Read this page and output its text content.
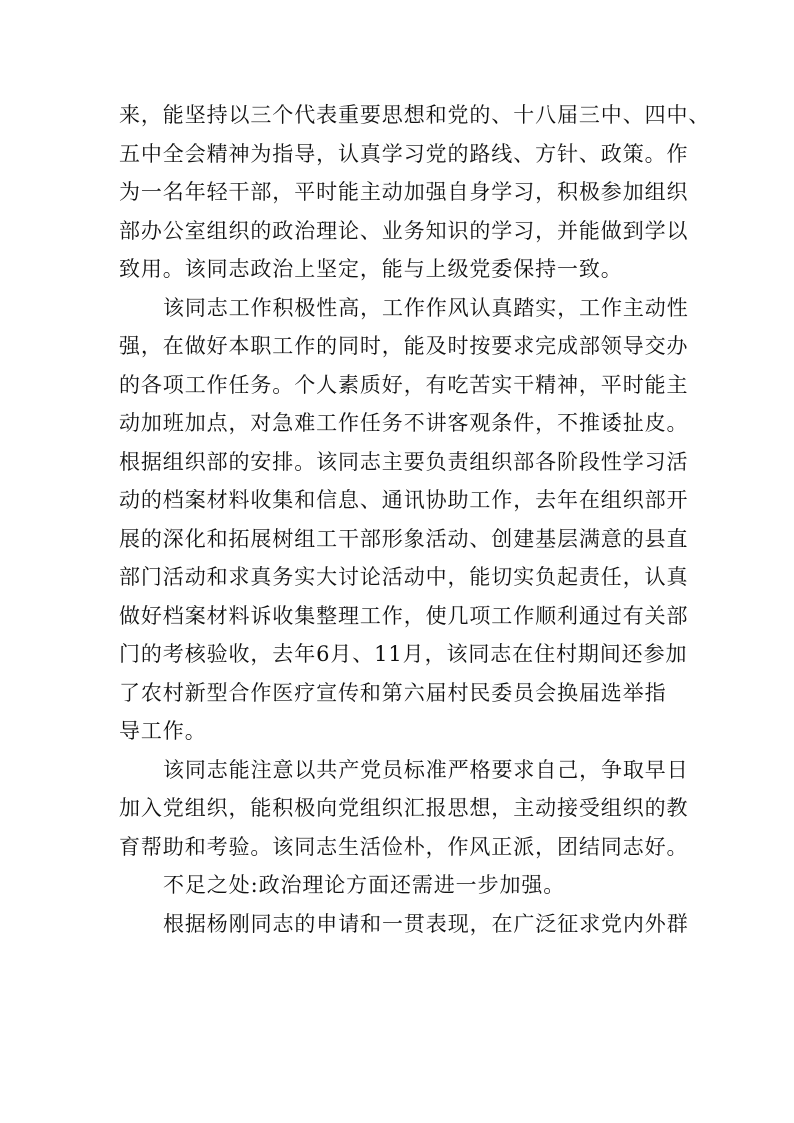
来，能坚持以三个代表重要思想和党的、十八届三中、四中、
五中全会精神为指导，认真学习党的路线、方针、政策。作
为一名年轻干部，平时能主动加强自身学习，积极参加组织
部办公室组织的政治理论、业务知识的学习，并能做到学以
致用。该同志政治上坚定，能与上级党委保持一致。
该同志工作积极性高，工作作风认真踏实，工作主动性
强，在做好本职工作的同时，能及时按要求完成部领导交办
的各项工作任务。个人素质好，有吃苦实干精神，平时能主
动加班加点，对急难工作任务不讲客观条件，不推诿扯皮。
根据组织部的安排。该同志主要负责组织部各阶段性学习活
动的档案材料收集和信息、通讯协助工作，去年在组织部开
展的深化和拓展树组工干部形象活动、创建基层满意的县直
部门活动和求真务实大讨论活动中，能切实负起责任，认真
做好档案材料诉收集整理工作，使几项工作顺利通过有关部
门的考核验收，去年6月、11月，该同志在住村期间还参加
了农村新型合作医疗宣传和第六届村民委员会换届选举指
导工作。
该同志能注意以共产党员标准严格要求自己，争取早日
加入党组织，能积极向党组织汇报思想，主动接受组织的教
育帮助和考验。该同志生活俭朴，作风正派，团结同志好。
不足之处:政治理论方面还需进一步加强。
根据杨刚同志的申请和一贯表现，在广泛征求党内外群
